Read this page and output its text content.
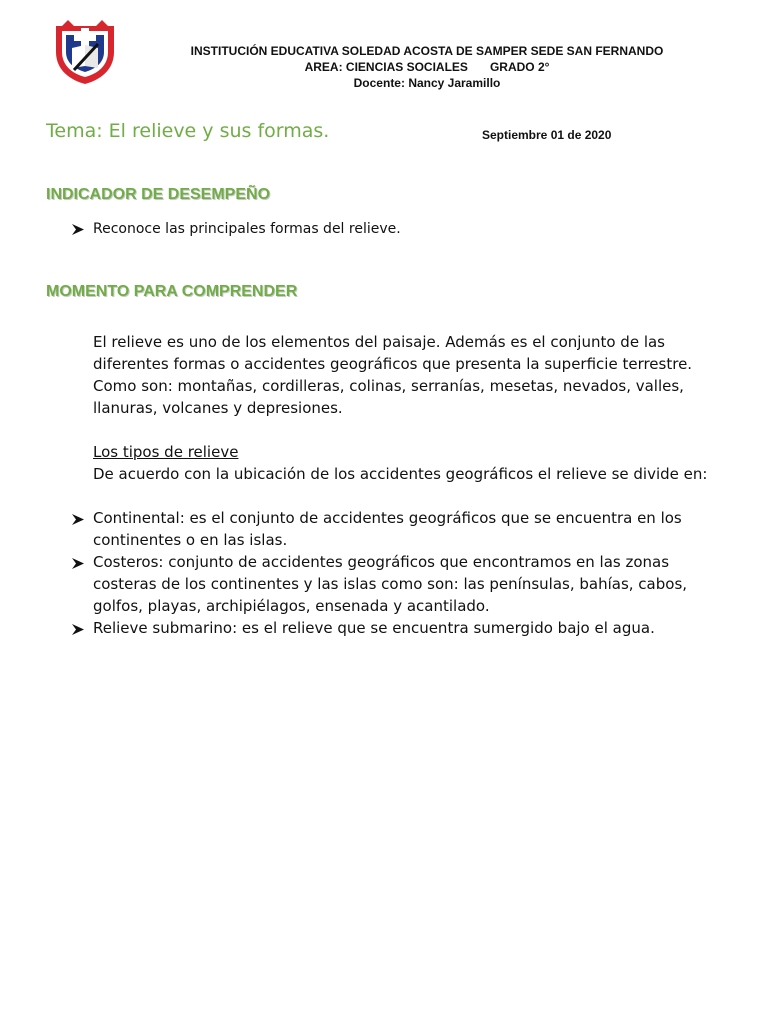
INSTITUCIÓN EDUCATIVA SOLEDAD ACOSTA DE SAMPER SEDE SAN FERNANDO
AREA: CIENCIAS SOCIALES GRADO 2°
Docente: Nancy Jaramillo
Tema: El relieve y sus formas.	Septiembre 01 de 2020
INDICADOR DE DESEMPEÑO
Reconoce las principales formas del relieve.
MOMENTO PARA COMPRENDER
El relieve es uno de los elementos del paisaje. Además es el conjunto de las diferentes formas o accidentes geográficos que presenta la superficie terrestre. Como son: montañas, cordilleras, colinas, serranías, mesetas, nevados, valles, llanuras, volcanes y depresiones.
Los tipos de relieve
De acuerdo con la ubicación de los accidentes geográficos el relieve se divide en:
Continental: es el conjunto de accidentes geográficos que se encuentra en los continentes o en las islas.
Costeros: conjunto de accidentes geográficos que encontramos en las zonas costeras de los continentes y las islas como son: las penínsulas, bahías, cabos, golfos, playas, archipiélagos, ensenada y acantilado.
Relieve submarino: es el relieve que se encuentra sumergido bajo el agua.
